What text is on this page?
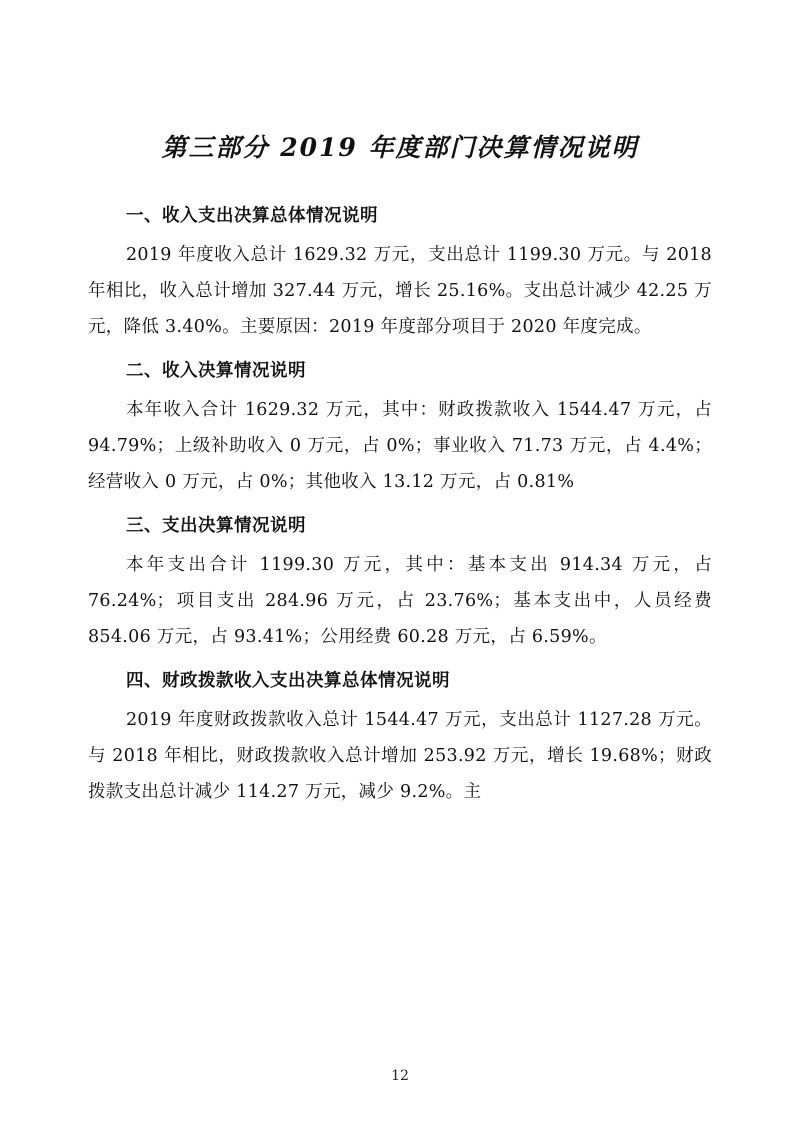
第三部分 2019 年度部门决算情况说明
一、收入支出决算总体情况说明

2019 年度收入总计 1629.32 万元，支出总计 1199.30 万元。与 2018 年相比，收入总计增加 327.44 万元，增长 25.16%。支出总计减少 42.25 万元，降低 3.40%。主要原因：2019 年度部分项目于 2020 年度完成。

二、收入决算情况说明

本年收入合计 1629.32 万元，其中：财政拨款收入 1544.47 万元，占 94.79%；上级补助收入 0 万元，占 0%；事业收入 71.73 万元，占 4.4%；经营收入 0 万元，占 0%；其他收入 13.12 万元，占 0.81%

三、支出决算情况说明

本年支出合计 1199.30 万元，其中：基本支出 914.34 万元，占 76.24%；项目支出 284.96 万元，占 23.76%；基本支出中，人员经费 854.06 万元，占 93.41%；公用经费 60.28 万元，占 6.59%。

四、财政拨款收入支出决算总体情况说明

2019 年度财政拨款收入总计 1544.47 万元，支出总计 1127.28 万元。与 2018 年相比，财政拨款收入总计增加 253.92 万元，增长 19.68%；财政拨款支出总计减少 114.27 万元，减少 9.2%。主

12
